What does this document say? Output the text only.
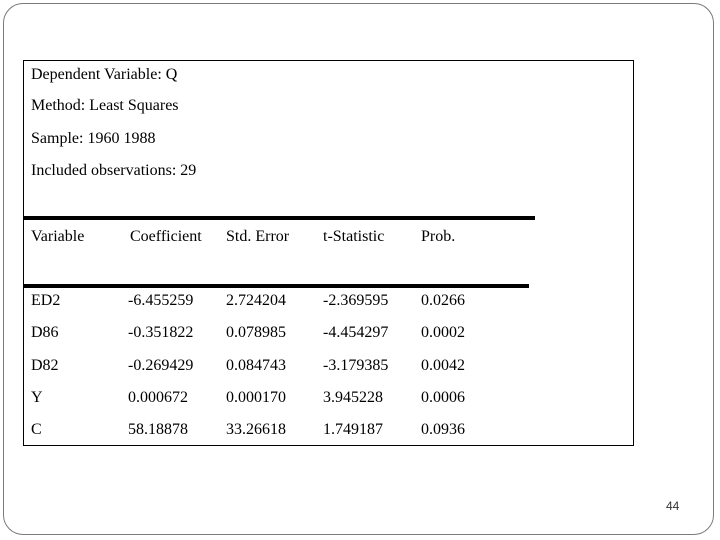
Dependent Variable: Q
Method: Least Squares
Sample: 1960 1988
Included observations: 29
Variable	Coefficient Std. Error t-Statistic Prob.
ED2	-6.455259 2.724204 -2.369595 0.0266
D86	-0.351822 0.078985 -4.454297 0.0002
D82	-0.269429 0.084743 -3.179385 0.0042
Y	0.000672 0.000170 3.945228 0.0006
C	58.18878 33.26618 1.749187 0.0936
44
